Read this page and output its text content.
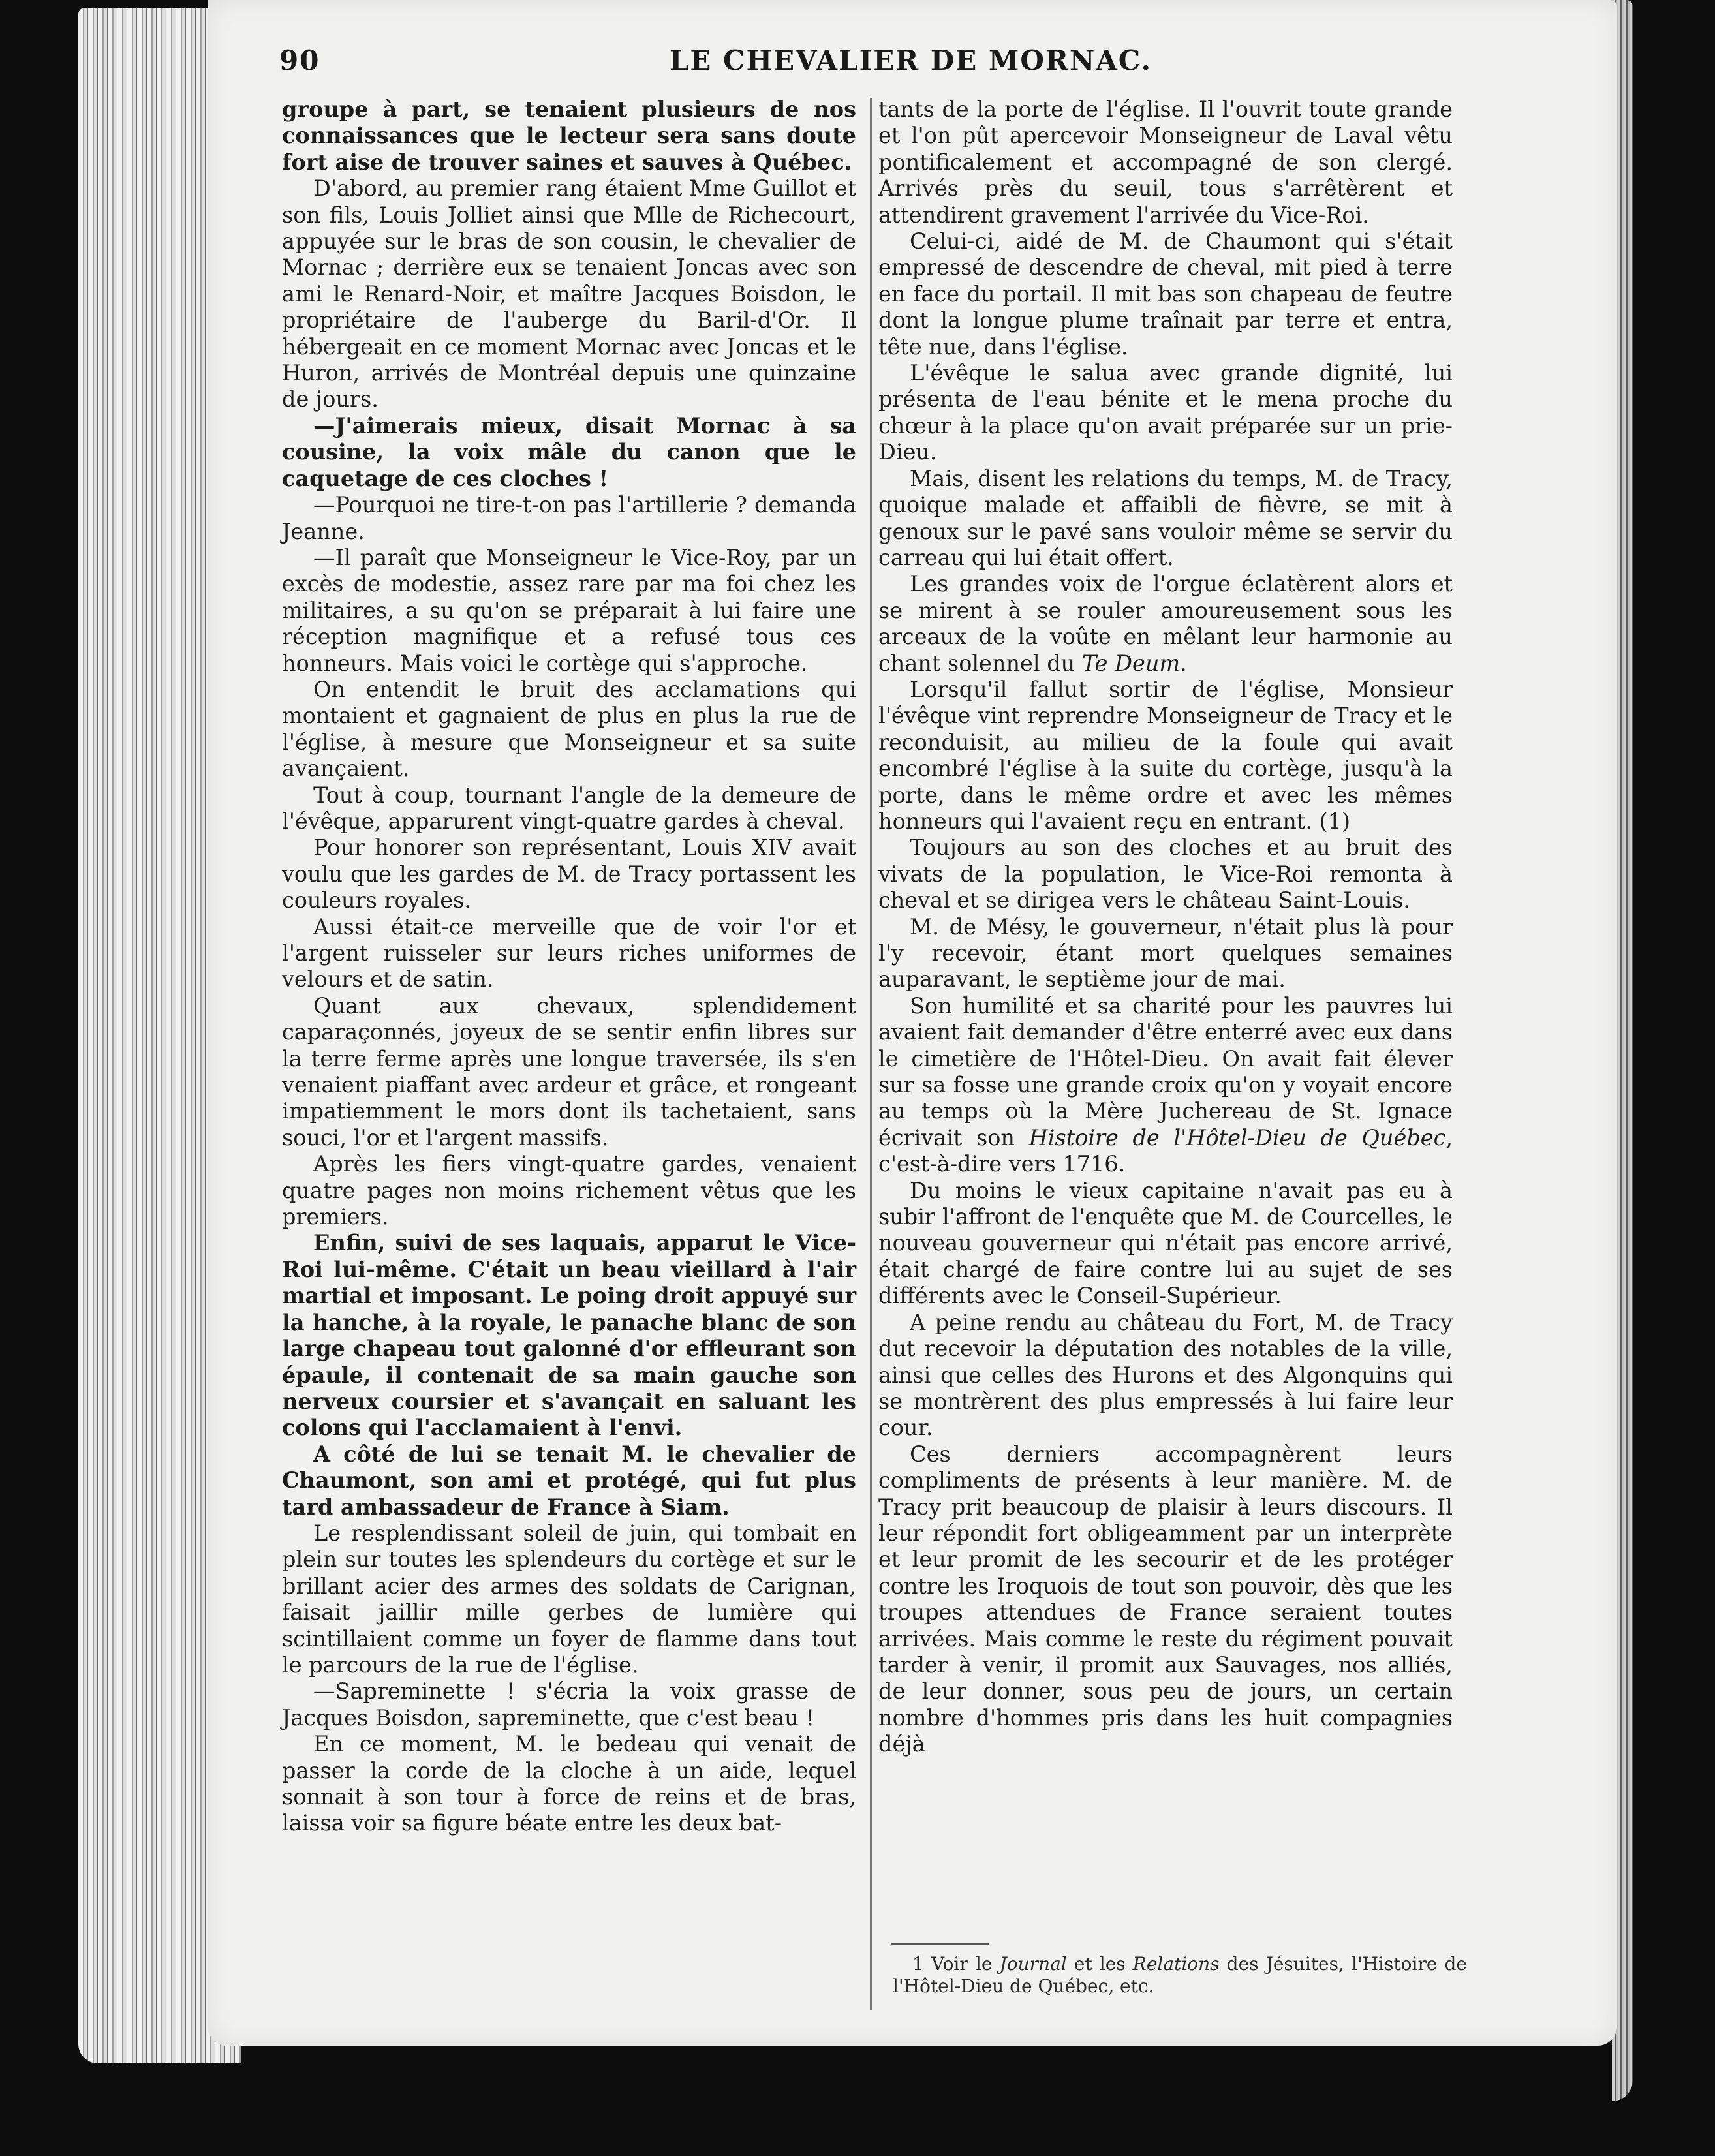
90	LE CHEVALIER DE MORNAC.

groupe à part, se tenaient plusieurs de nos connaissances que le lecteur sera sans doute fort aise de trouver saines et sauves à Québec.

D'abord, au premier rang étaient Mme Guillot et son fils, Louis Jolliet ainsi que Mlle de Richecourt, appuyée sur le bras de son cousin, le chevalier de Mornac ; derrière eux se tenaient Joncas avec son ami le Renard-Noir, et maître Jacques Boisdon, le propriétaire de l'auberge du Baril-d'Or. Il hébergeait en ce moment Mornac avec Joncas et le Huron, arrivés de Montréal depuis une quinzaine de jours.

—J'aimerais mieux, disait Mornac à sa cousine, la voix mâle du canon que le caquetage de ces cloches !

—Pourquoi ne tire-t-on pas l'artillerie ? demanda Jeanne.

—Il paraît que Monseigneur le Vice-Roy, par un excès de modestie, assez rare par ma foi chez les militaires, a su qu'on se préparait à lui faire une réception magnifique et a refusé tous ces honneurs. Mais voici le cortège qui s'approche.

On entendit le bruit des acclamations qui montaient et gagnaient de plus en plus la rue de l'église, à mesure que Monseigneur et sa suite avançaient.

Tout à coup, tournant l'angle de la demeure de l'évêque, apparurent vingt-quatre gardes à cheval.

Pour honorer son représentant, Louis XIV avait voulu que les gardes de M. de Tracy portassent les couleurs royales.

Aussi était-ce merveille que de voir l'or et l'argent ruisseler sur leurs riches uniformes de velours et de satin.

Quant aux chevaux, splendidement caparaçonnés, joyeux de se sentir enfin libres sur la terre ferme après une longue traversée, ils s'en venaient piaffant avec ardeur et grâce, et rongeant impatiemment le mors dont ils tachetaient, sans souci, l'or et l'argent massifs.

Après les fiers vingt-quatre gardes, venaient quatre pages non moins richement vêtus que les premiers.

Enfin, suivi de ses laquais, apparut le Vice-Roi lui-même. C'était un beau vieillard à l'air martial et imposant. Le poing droit appuyé sur la hanche, à la royale, le panache blanc de son large chapeau tout galonné d'or effleurant son épaule, il contenait de sa main gauche son nerveux coursier et s'avançait en saluant les colons qui l'acclamaient à l'envi.

A côté de lui se tenait M. le chevalier de Chaumont, son ami et protégé, qui fut plus tard ambassadeur de France à Siam.

Le resplendissant soleil de juin, qui tombait en plein sur toutes les splendeurs du cortège et sur le brillant acier des armes des soldats de Carignan, faisait jaillir mille gerbes de lumière qui scintillaient comme un foyer de flamme dans tout le parcours de la rue de l'église.

—Sapreminette ! s'écria la voix grasse de Jacques Boisdon, sapreminette, que c'est beau !

En ce moment, M. le bedeau qui venait de passer la corde de la cloche à un aide, lequel sonnait à son tour à force de reins et de bras, laissa voir sa figure béate entre les deux bat-

tants de la porte de l'église. Il l'ouvrit toute grande et l'on pût apercevoir Monseigneur de Laval vêtu pontificalement et accompagné de son clergé. Arrivés près du seuil, tous s'arrêtèrent et attendirent gravement l'arrivée du Vice-Roi.

Celui-ci, aidé de M. de Chaumont qui s'était empressé de descendre de cheval, mit pied à terre en face du portail. Il mit bas son chapeau de feutre dont la longue plume traînait par terre et entra, tête nue, dans l'église.

L'évêque le salua avec grande dignité, lui présenta de l'eau bénite et le mena proche du chœur à la place qu'on avait préparée sur un prie-Dieu.

Mais, disent les relations du temps, M. de Tracy, quoique malade et affaibli de fièvre, se mit à genoux sur le pavé sans vouloir même se servir du carreau qui lui était offert.

Les grandes voix de l'orgue éclatèrent alors et se mirent à se rouler amoureusement sous les arceaux de la voûte en mêlant leur harmonie au chant solennel du Te Deum.

Lorsqu'il fallut sortir de l'église, Monsieur l'évêque vint reprendre Monseigneur de Tracy et le reconduisit, au milieu de la foule qui avait encombré l'église à la suite du cortège, jusqu'à la porte, dans le même ordre et avec les mêmes honneurs qui l'avaient reçu en entrant. (1)

Toujours au son des cloches et au bruit des vivats de la population, le Vice-Roi remonta à cheval et se dirigea vers le château Saint-Louis.

M. de Mésy, le gouverneur, n'était plus là pour l'y recevoir, étant mort quelques semaines auparavant, le septième jour de mai.

Son humilité et sa charité pour les pauvres lui avaient fait demander d'être enterré avec eux dans le cimetière de l'Hôtel-Dieu. On avait fait élever sur sa fosse une grande croix qu'on y voyait encore au temps où la Mère Juchereau de St. Ignace écrivait son Histoire de l'Hôtel-Dieu de Québec, c'est-à-dire vers 1716.

Du moins le vieux capitaine n'avait pas eu à subir l'affront de l'enquête que M. de Courcelles, le nouveau gouverneur qui n'était pas encore arrivé, était chargé de faire contre lui au sujet de ses différents avec le Conseil-Supérieur.

A peine rendu au château du Fort, M. de Tracy dut recevoir la députation des notables de la ville, ainsi que celles des Hurons et des Algonquins qui se montrèrent des plus empressés à lui faire leur cour.

Ces derniers accompagnèrent leurs compliments de présents à leur manière. M. de Tracy prit beaucoup de plaisir à leurs discours. Il leur répondit fort obligeamment par un interprète et leur promit de les secourir et de les protéger contre les Iroquois de tout son pouvoir, dès que les troupes attendues de France seraient toutes arrivées. Mais comme le reste du régiment pouvait tarder à venir, il promit aux Sauvages, nos alliés, de leur donner, sous peu de jours, un certain nombre d'hommes pris dans les huit compagnies déjà

1 Voir le Journal et les Relations des Jésuites, l'Histoire de l'Hôtel-Dieu de Québec, etc.
